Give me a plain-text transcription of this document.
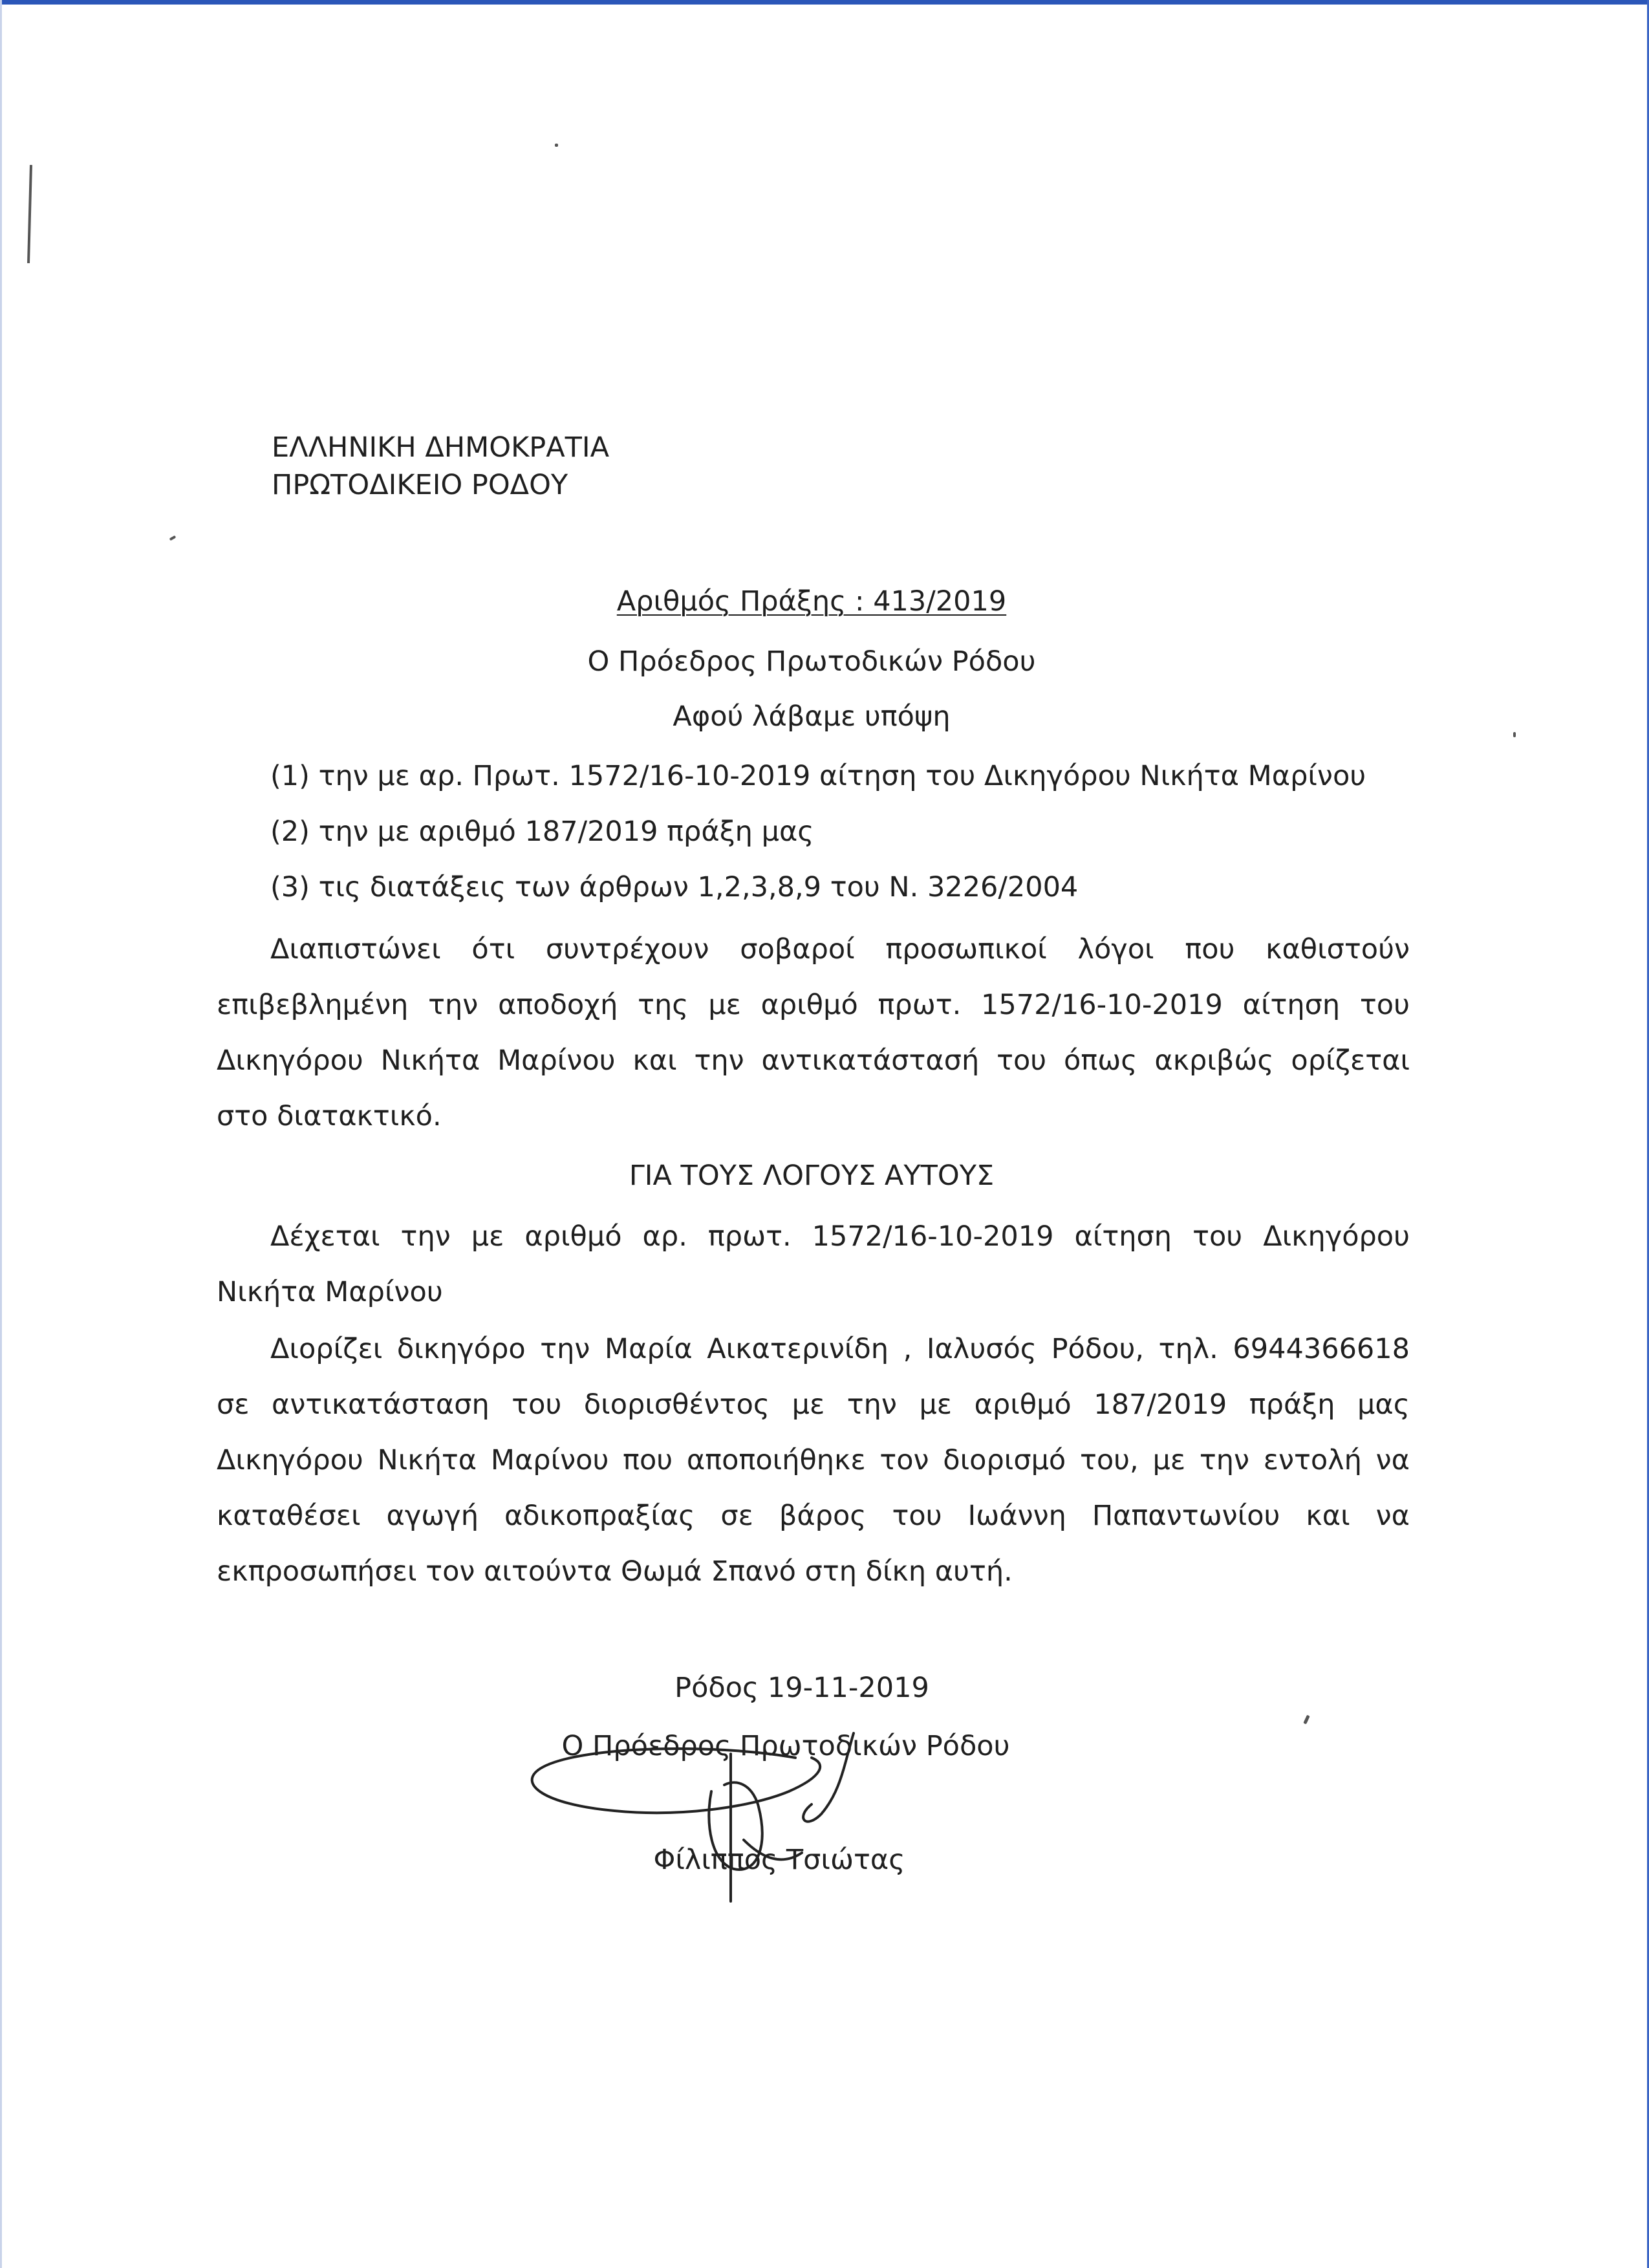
ΕΛΛΗΝΙΚΗ ΔΗΜΟΚΡΑΤΙΑ
ΠΡΩΤΟΔΙΚΕΙΟ ΡΟΔΟΥ
Αριθμός Πράξης : 413/2019
Ο Πρόεδρος Πρωτοδικών Ρόδου
Αφού λάβαμε υπόψη
(1) την με αρ. Πρωτ. 1572/16-10-2019 αίτηση του Δικηγόρου Νικήτα Μαρίνου
(2) την με αριθμό 187/2019 πράξη μας
(3) τις διατάξεις των άρθρων 1,2,3,8,9 του Ν. 3226/2004
Διαπιστώνει ότι συντρέχουν σοβαροί προσωπικοί λόγοι που καθιστούν
επιβεβλημένη την αποδοχή της με αριθμό πρωτ. 1572/16-10-2019 αίτηση του
Δικηγόρου Νικήτα Μαρίνου και την αντικατάστασή του όπως ακριβώς ορίζεται
στο διατακτικό.
ΓΙΑ ΤΟΥΣ ΛΟΓΟΥΣ ΑΥΤΟΥΣ
Δέχεται την με αριθμό αρ. πρωτ. 1572/16-10-2019 αίτηση του Δικηγόρου
Νικήτα Μαρίνου
Διορίζει δικηγόρο την Μαρία Αικατερινίδη , Ιαλυσός Ρόδου, τηλ. 6944366618
σε αντικατάσταση του διορισθέντος με την με αριθμό 187/2019 πράξη μας
Δικηγόρου Νικήτα Μαρίνου που αποποιήθηκε τον διορισμό του, με την εντολή να
καταθέσει αγωγή αδικοπραξίας σε βάρος του Ιωάννη Παπαντωνίου και να
εκπροσωπήσει τον αιτούντα Θωμά Σπανό στη δίκη αυτή.
Ρόδος 19-11-2019
Ο Πρόεδρος Πρωτοδικών Ρόδου
Φίλιππος Τσιώτας
